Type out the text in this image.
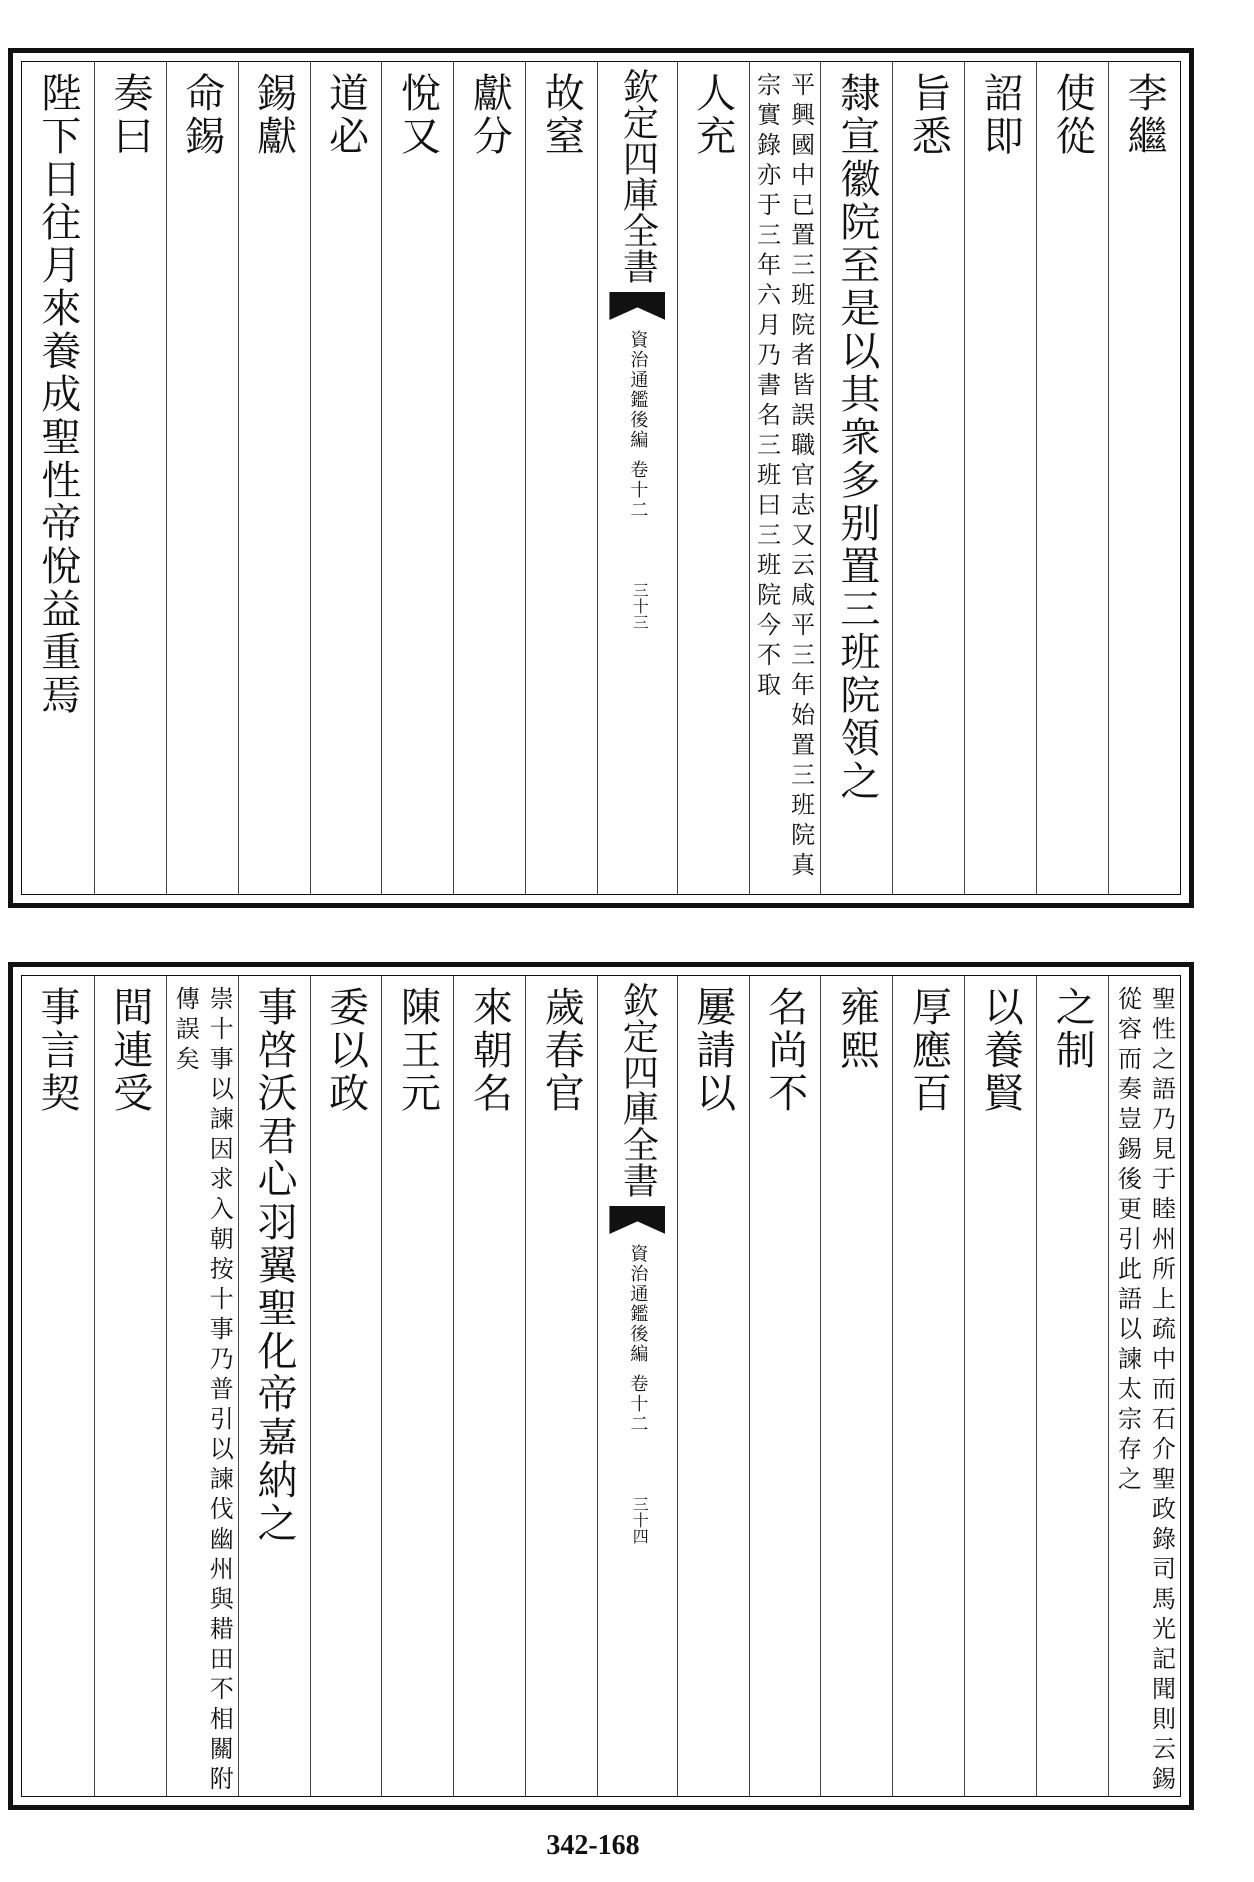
　李繼
使從
　詔即
旨悉
隸宣徽院至是以其衆多别置三班院領之
平興國中已置三班院者皆誤職官志又云咸平三年始置三班院真宗實錄亦于三年六月乃書名三班曰三班院今不取
人充
欽定四庫全書
資治通鑑後編
卷十二
三十三
故窒
　獻分
悅又
道必
　錫獻
命錫
奏曰
陛下日往月來養成聖性帝悅益重焉
聖性之語乃見于睦州所上疏中而石介聖政錄司馬光記聞則云錫從容而奏豈錫後更引此語以諫太宗存之
之制
以養賢
厚應百
　雍熙
名尚不
屢請以
欽定四庫全書
資治通鑑後編
卷十二
三十四
歲春官
　來朝名
陳王元
委以政
事啓沃君心羽翼聖化帝嘉納之
崇十事以諫因求入朝按十事乃普引以諫伐幽州與耤田不相關附傳誤矣
間連受
事言契
342-168
